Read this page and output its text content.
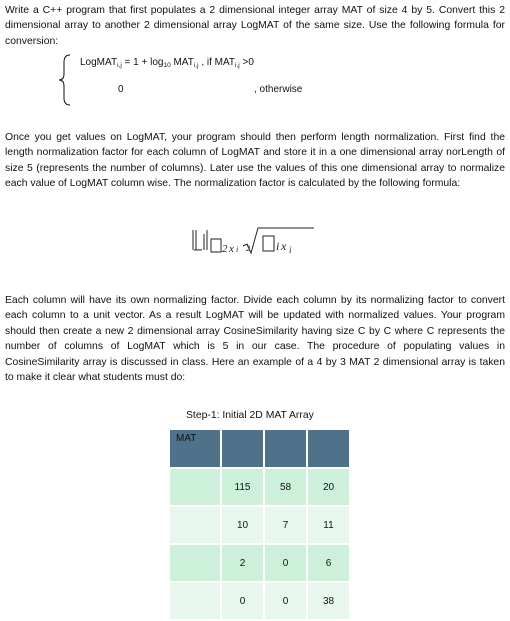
Write a C++ program that first populates a 2 dimensional integer array MAT of size 4 by 5. Convert this 2 dimensional array to another 2 dimensional array LogMAT of the same size. Use the following formula for conversion:

LogMAT$_{i,j}$ = $1 + \log_{10} MAT_{i,j}$ , if $MAT_{i,j} >0$
0	, otherwise

Once you get values on LogMAT, your program should then perform length normalization. First find the length normalization factor for each column of LogMAT and store it in a one dimensional array norLength of size 5 (represents the number of columns). Later use the values of this one dimensional array to normalize each value of LogMAT column wise. The normalization factor is calculated by the following formula:

2 x i 2 i x i

Each column will have its own normalizing factor. Divide each column by its normalizing factor to convert each column to a unit vector. As a result LogMAT will be updated with normalized values. Your program should then create a new 2 dimensional array CosineSimilarity having size C by C where C represents the number of columns of LogMAT which is 5 in our case. The procedure of populating values in CosineSimilarity array is discussed in class. Here an example of a 4 by 3 MAT 2 dimensional array is taken to make it clear what students must do:

Step-1: Initial 2D MAT Array
MAT			
	115	58	20
	10	7	11
	2	0	6
	0	0	38
